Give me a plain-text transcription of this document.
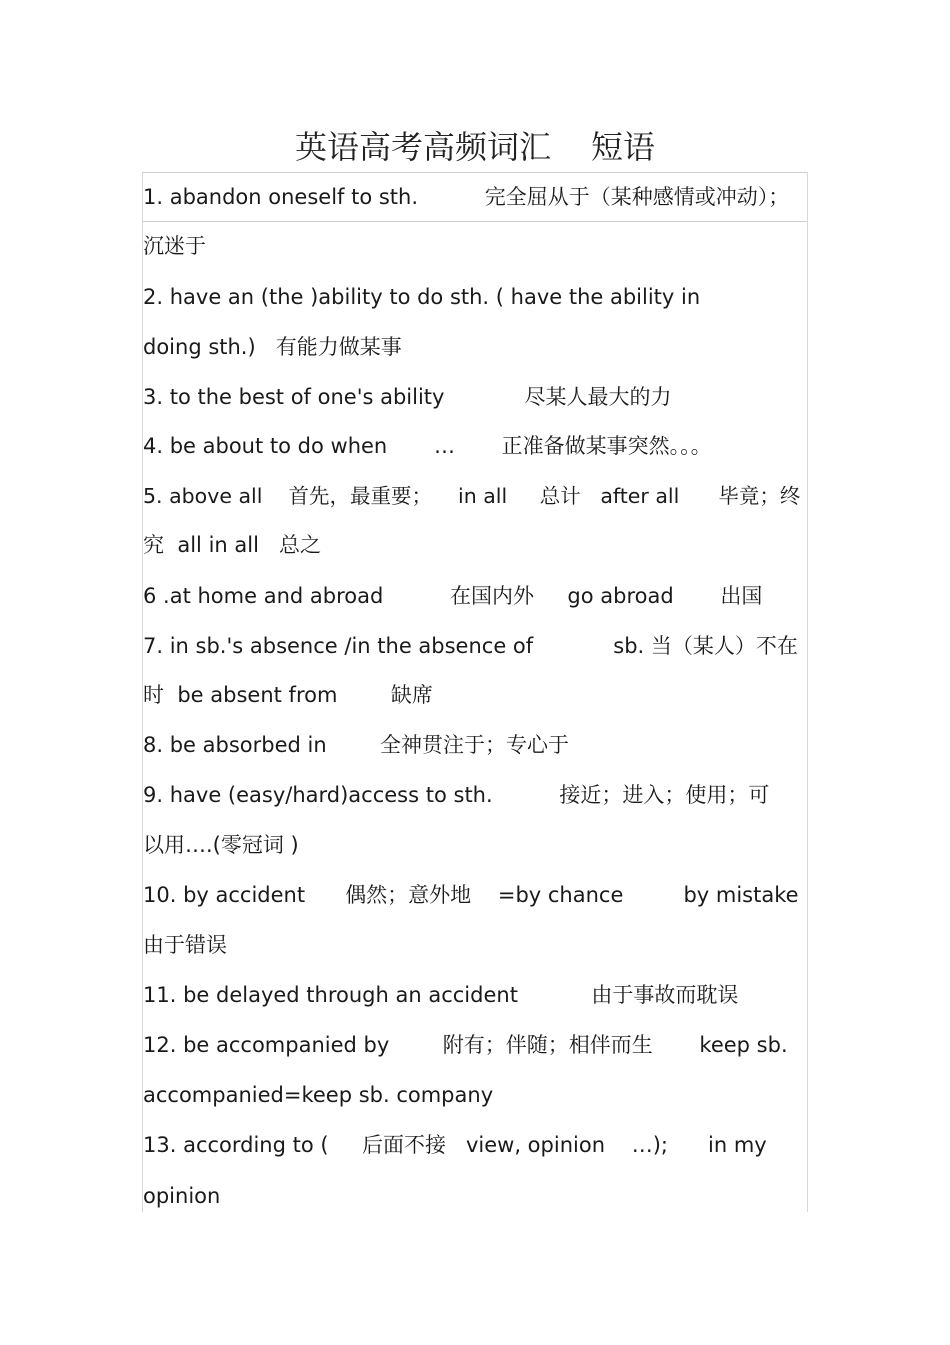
英语高考高频词汇 短语
1. abandon oneself to sth.          完全屈从于（某种感情或冲动）；
沉迷于
2. have an (the )ability to do sth. ( have the ability in
doing sth.)   有能力做某事
3. to the best of one's ability            尽某人最大的力
4. be about to do when       …       正准备做某事突然。。。
5. above all    首先，最重要；    in all     总计   after all      毕竟；终
究  all in all   总之
6 .at home and abroad          在国内外     go abroad       出国
7. in sb.'s absence /in the absence of            sb. 当（某人）不在
时  be absent from        缺席
8. be absorbed in        全神贯注于；专心于
9. have (easy/hard)access to sth.          接近；进入；使用；可
以用….(零冠词 )
10. by accident      偶然；意外地    =by chance         by mistake
由于错误
11. be delayed through an accident           由于事故而耽误
12. be accompanied by        附有；伴随；相伴而生       keep sb.
accompanied=keep sb. company
13. according to (     后面不接   view, opinion    …);      in my
opinion
